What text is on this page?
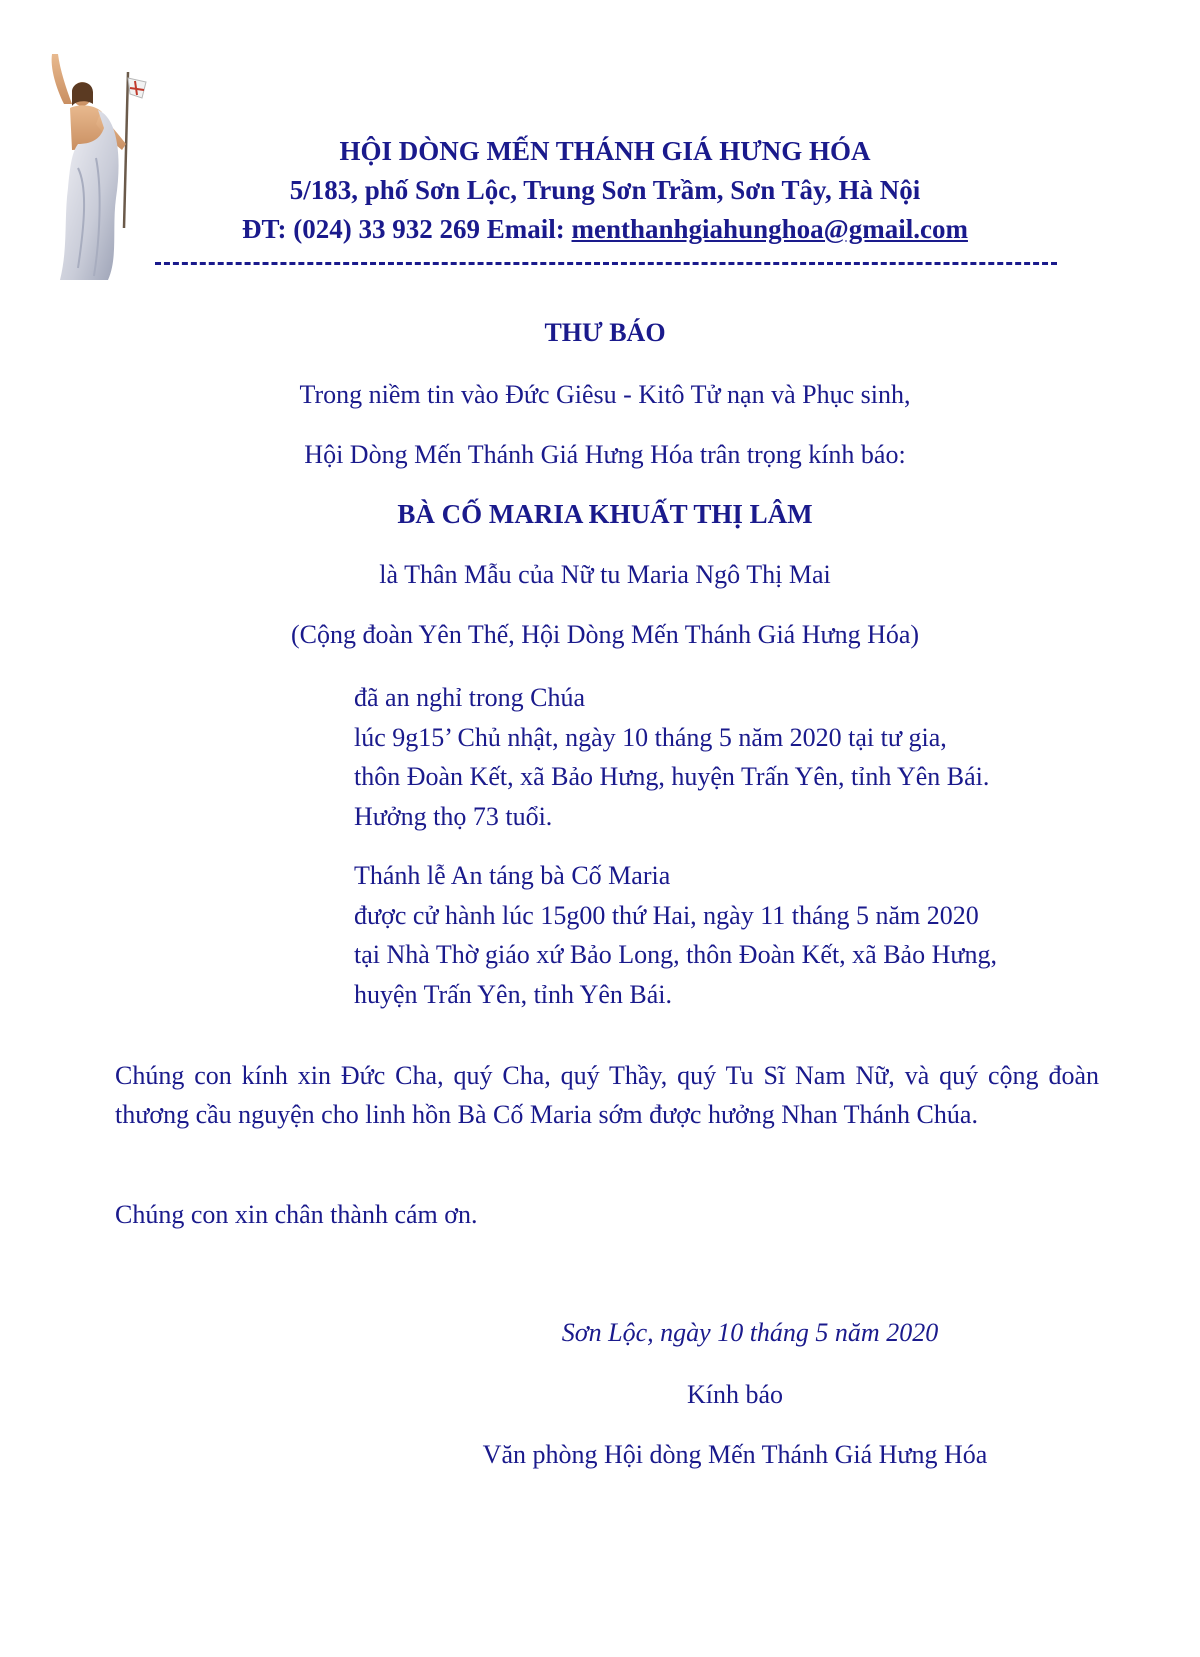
HỘI DÒNG MẾN THÁNH GIÁ HƯNG HÓA
5/183, phố Sơn Lộc, Trung Sơn Trầm, Sơn Tây, Hà Nội
ĐT: (024) 33 932 269 Email: menthanhgiahunghoa@gmail.com
THƯ BÁO
Trong niềm tin vào Đức Giêsu - Kitô Tử nạn và Phục sinh,
Hội Dòng Mến Thánh Giá Hưng Hóa trân trọng kính báo:
BÀ CỐ MARIA KHUẤT THỊ LÂM
là Thân Mẫu của Nữ tu Maria Ngô Thị Mai
(Cộng đoàn Yên Thế, Hội Dòng Mến Thánh Giá Hưng Hóa)
đã an nghỉ trong Chúa
lúc 9g15’ Chủ nhật, ngày 10 tháng 5 năm 2020 tại tư gia,
thôn Đoàn Kết, xã Bảo Hưng, huyện Trấn Yên, tỉnh Yên Bái.
Hưởng thọ 73 tuổi.
Thánh lễ An táng bà Cố Maria
được cử hành lúc 15g00 thứ Hai, ngày 11 tháng 5 năm 2020
tại Nhà Thờ giáo xứ Bảo Long, thôn Đoàn Kết, xã Bảo Hưng,
huyện Trấn Yên, tỉnh Yên Bái.
Chúng con kính xin Đức Cha, quý Cha, quý Thầy, quý Tu Sĩ Nam Nữ, và quý cộng đoàn thương cầu nguyện cho linh hồn Bà Cố Maria sớm được hưởng Nhan Thánh Chúa.
Chúng con xin chân thành cám ơn.
Sơn Lộc, ngày 10 tháng 5 năm 2020
Kính báo
Văn phòng Hội dòng Mến Thánh Giá Hưng Hóa
